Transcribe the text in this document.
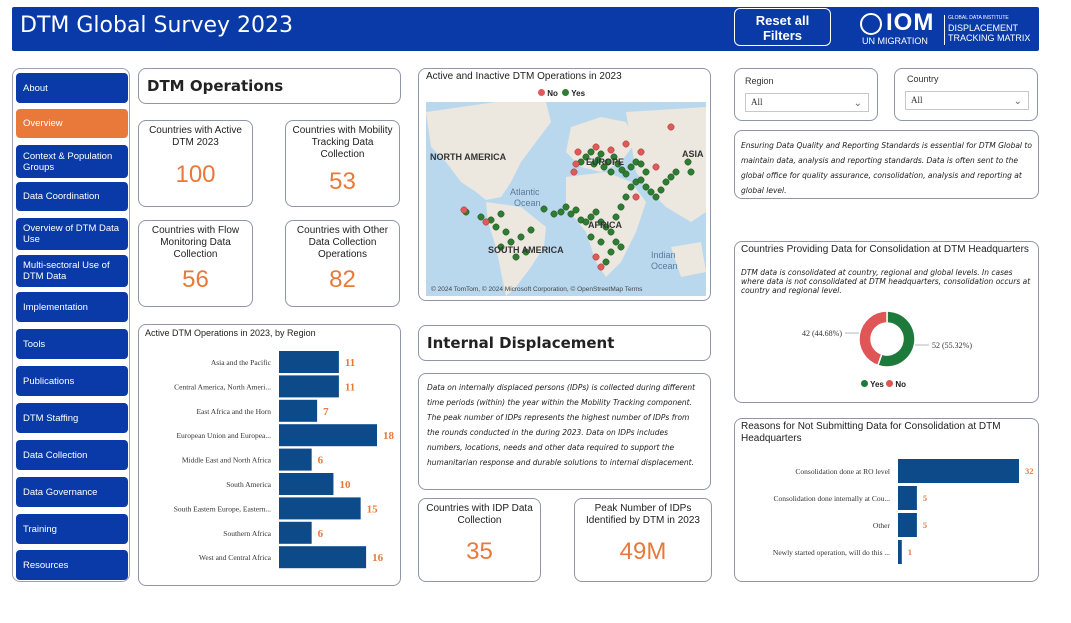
DTM Global Survey 2023	Reset all
Filters	IOM
UN MIGRATION
GLOBAL DATA INSTITUTE
DISPLACEMENT
TRACKING MATRIX
About
Overview
Context & Population Groups
Data Coordination
Overview of DTM Data Use
Multi-sectoral Use of DTM Data
Implementation
Tools
Publications
DTM Staffing
Data Collection
Data Governance
Training
Resources
DTM Operations
Countries with Active DTM 2023
100
Countries with Mobility Tracking Data Collection
53
Countries with Flow Monitoring Data Collection
56
Countries with Other Data Collection Operations
82
Active DTM Operations in 2023, by Region
Asia and the Pacific	11
Central America, North Ameri...	11
East Africa and the Horn	7
European Union and Europea...	18
Middle East and North Africa	6
South America	10
South Eastern Europe, Eastern...	15
Southern Africa	6
West and Central Africa	16
Active and Inactive DTM Operations in 2023
No Yes
NORTH AMERICA	EUROPE
ASIA
Atlantic
Ocean
AFRICA
SOUTH AMERICA	Indian
Ocean
© 2024 TomTom, © 2024 Microsoft Corporation, © OpenStreetMap Terms
Internal Displacement
Data on internally displaced persons (IDPs) is collected during different time periods (within) the year within the Mobility Tracking component. The peak number of IDPs represents the highest number of IDPs from the rounds conducted in the during 2023. Data on IDPs includes numbers, locations, needs and other data required to support the humanitarian response and durable solutions to internal displacement.
Countries with IDP Data Collection
35
Peak Number of IDPs Identified by DTM in 2023
49M
Region
All	⌄
Country
All	⌄
Ensuring Data Quality and Reporting Standards is essential for DTM Global to maintain data, analysis and reporting standards. Data is often sent to the global office for quality assurance, consolidation, analysis and reporting at global level.
Countries Providing Data for Consolidation at DTM Headquarters
DTM data is consolidated at country, regional and global levels. In cases where data is not consolidated at DTM headquarters, consolidation occurs at country and regional level.
52 (55.32%)
42 (44.68%)
Yes No
Reasons for Not Submitting Data for Consolidation at DTM Headquarters
Consolidation done at RO level	32
Consolidation done internally at Cou...	5
Other	5
Newly started operation, will do this ... 1
